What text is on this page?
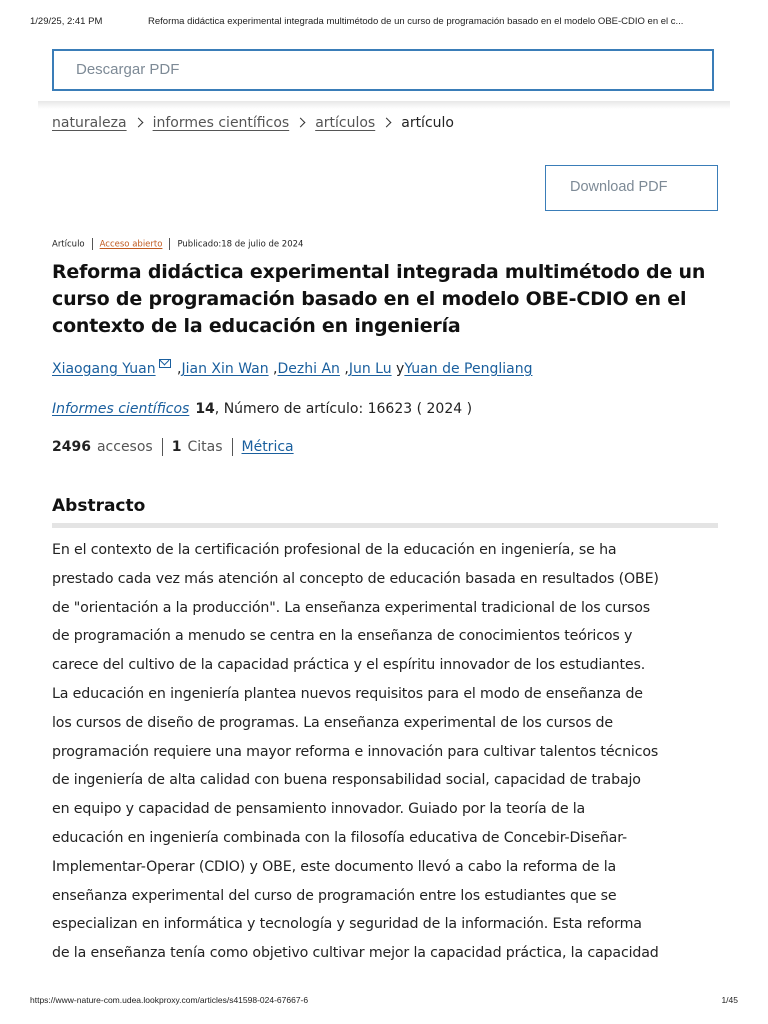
1/29/25, 2:41 PM	Reforma didáctica experimental integrada multimétodo de un curso de programación basado en el modelo OBE-CDIO en el c...
Descargar PDF
naturaleza informes científicos artículos artículo
Download PDF
Artículo Acceso abierto Publicado:18 de julio de 2024
Reforma didáctica experimental integrada multimétodo de un curso de programación basado en el modelo OBE-CDIO en el contexto de la educación en ingeniería
Xiaogang Yuan ,Jian Xin Wan ,Dezhi An ,Jun Lu yYuan de Pengliang
Informes científicos 14, Número de artículo: 16623 ( 2024 )
2496 accesos 1 Citas Métrica
Abstracto

En el contexto de la certificación profesional de la educación en ingeniería, se ha
prestado cada vez más atención al concepto de educación basada en resultados (OBE)
de "orientación a la producción". La enseñanza experimental tradicional de los cursos
de programación a menudo se centra en la enseñanza de conocimientos teóricos y
carece del cultivo de la capacidad práctica y el espíritu innovador de los estudiantes.
La educación en ingeniería plantea nuevos requisitos para el modo de enseñanza de
los cursos de diseño de programas. La enseñanza experimental de los cursos de
programación requiere una mayor reforma e innovación para cultivar talentos técnicos
de ingeniería de alta calidad con buena responsabilidad social, capacidad de trabajo
en equipo y capacidad de pensamiento innovador. Guiado por la teoría de la
educación en ingeniería combinada con la filosofía educativa de Concebir-Diseñar-
Implementar-Operar (CDIO) y OBE, este documento llevó a cabo la reforma de la
enseñanza experimental del curso de programación entre los estudiantes que se
especializan en informática y tecnología y seguridad de la información. Esta reforma
de la enseñanza tenía como objetivo cultivar mejor la capacidad práctica, la capacidad

https://www-nature-com.udea.lookproxy.com/articles/s41598-024-67667-6	1/45
